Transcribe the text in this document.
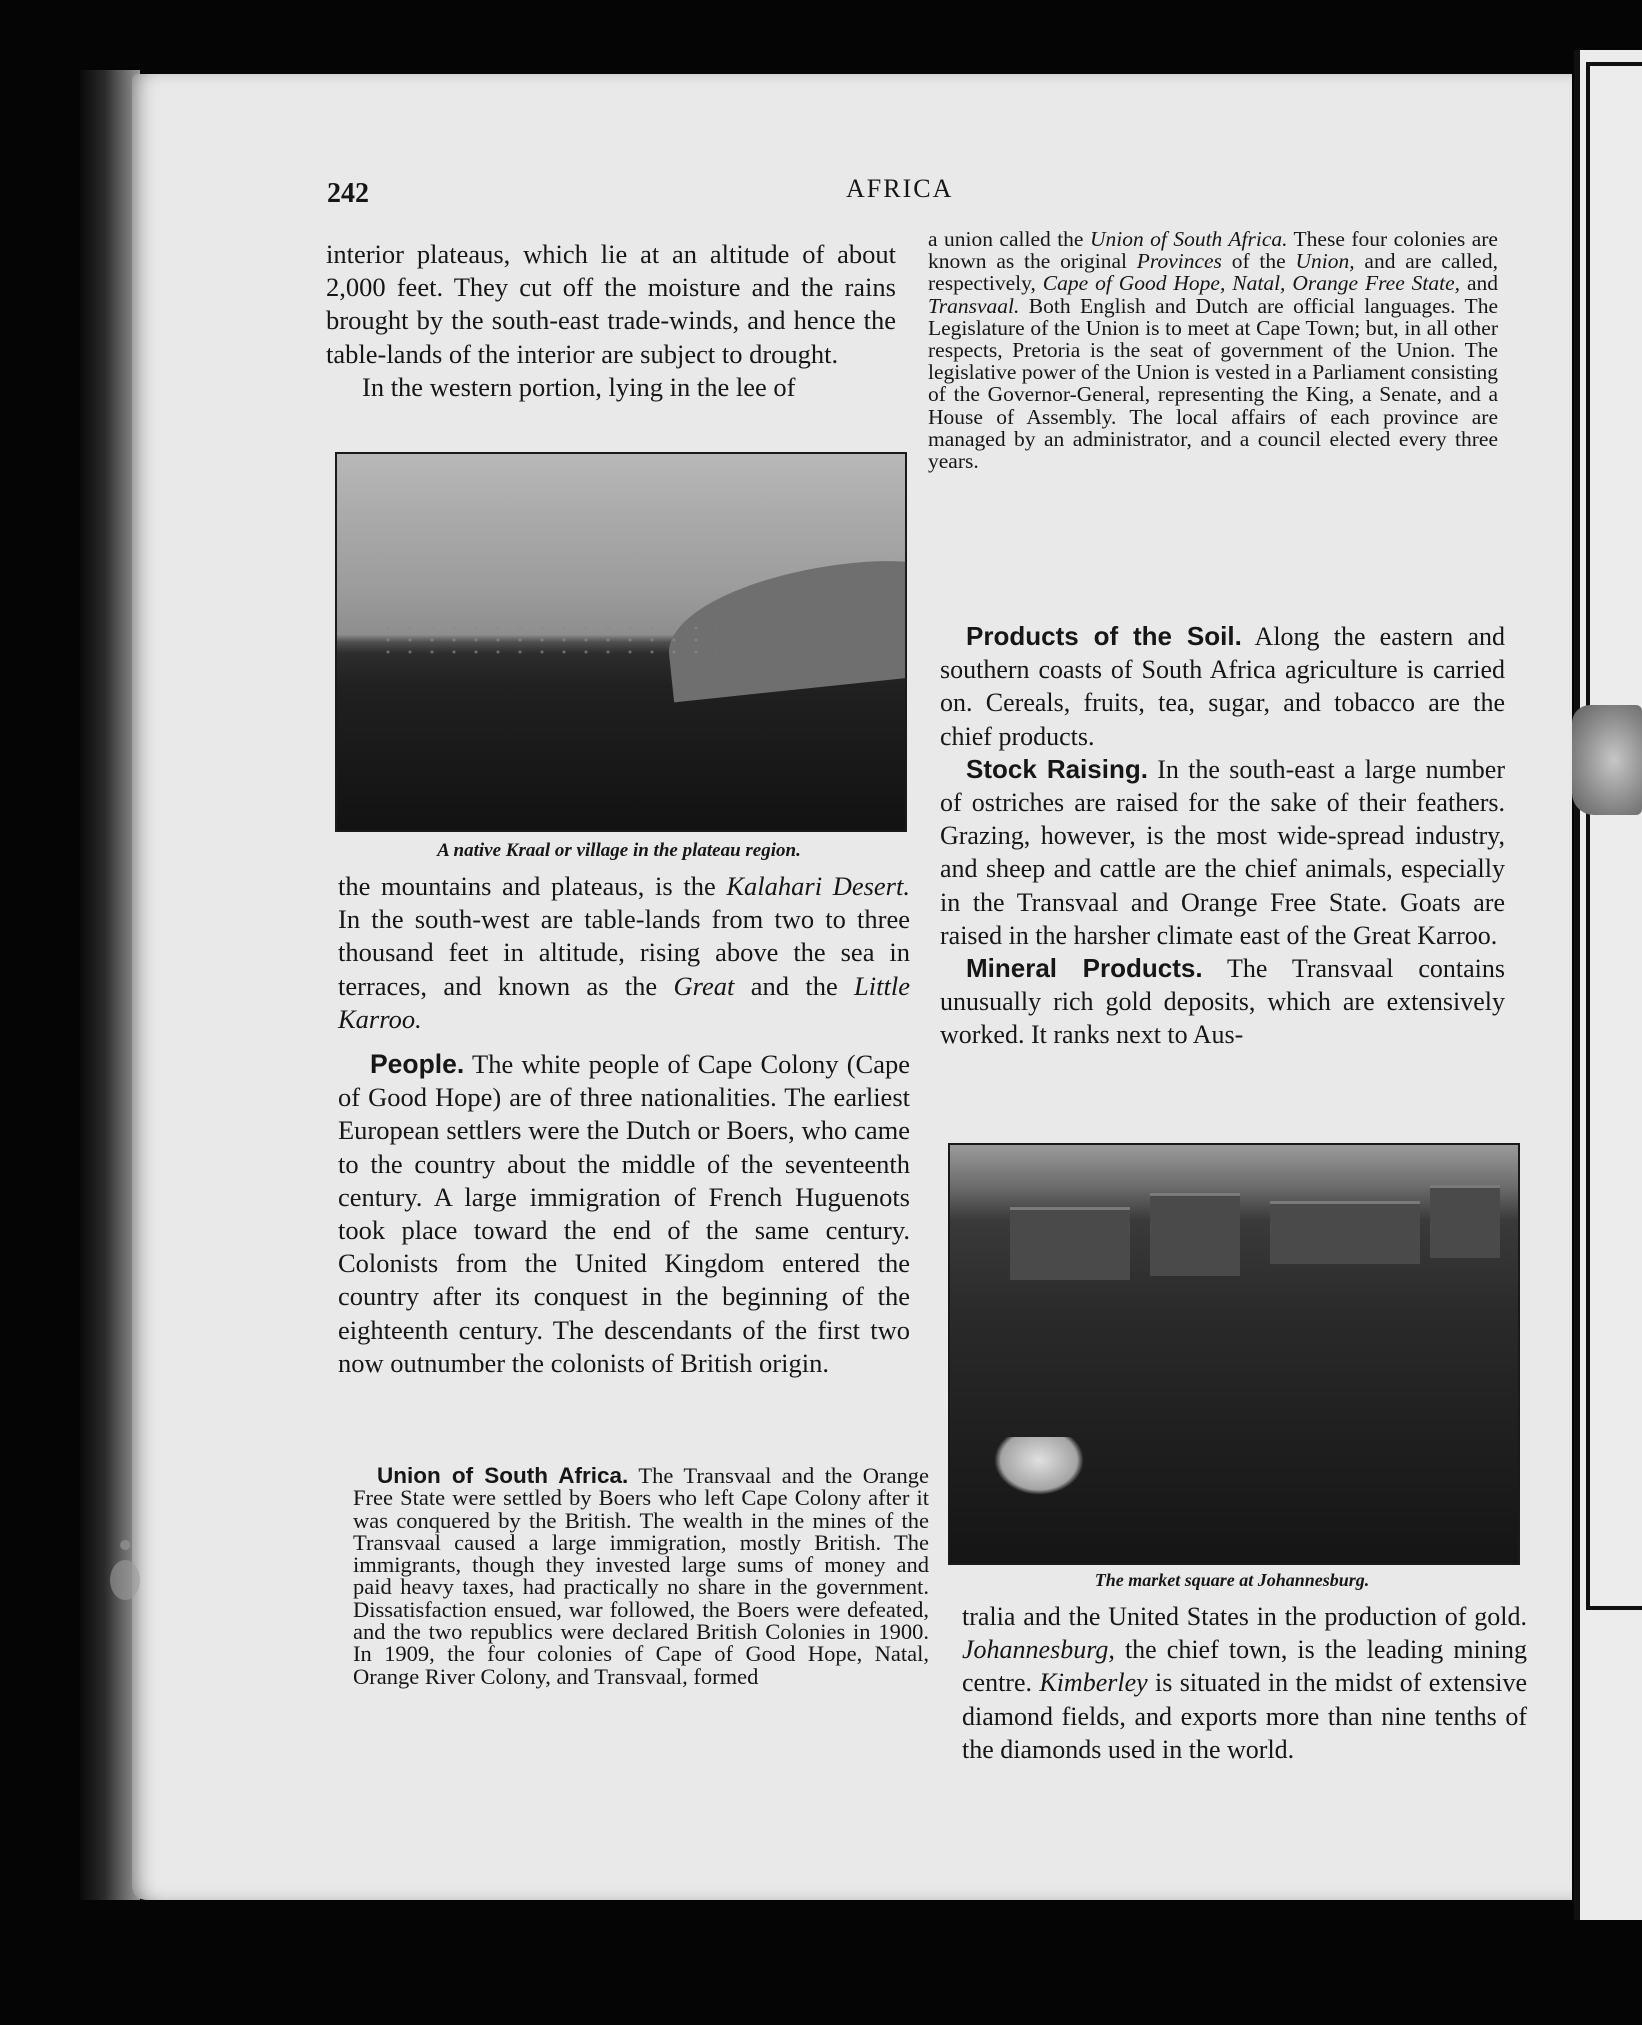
242	AFRICA

interior plateaus, which lie at an altitude of about 2,000 feet. They cut off the moisture and the rains brought by the south-east trade-winds, and hence the table-lands of the interior are subject to drought.

In the western portion, lying in the lee of

A native Kraal or village in the plateau region.

the mountains and plateaus, is the Kalahari Desert. In the south-west are table-lands from two to three thousand feet in altitude, rising above the sea in terraces, and known as the Great and the Little Karroo.

People. The white people of Cape Colony (Cape of Good Hope) are of three nationalities. The earliest European settlers were the Dutch or Boers, who came to the country about the middle of the seventeenth century. A large immigration of French Huguenots took place toward the end of the same century. Colonists from the United Kingdom entered the country after its conquest in the beginning of the eighteenth century. The descendants of the first two now outnumber the colonists of British origin.

Union of South Africa. The Transvaal and the Orange Free State were settled by Boers who left Cape Colony after it was conquered by the British. The wealth in the mines of the Transvaal caused a large immigration, mostly British. The immigrants, though they invested large sums of money and paid heavy taxes, had practically no share in the government. Dissatisfaction ensued, war followed, the Boers were defeated, and the two republics were declared British Colonies in 1900. In 1909, the four colonies of Cape of Good Hope, Natal, Orange River Colony, and Transvaal, formed

a union called the Union of South Africa. These four colonies are known as the original Provinces of the Union, and are called, respectively, Cape of Good Hope, Natal, Orange Free State, and Transvaal. Both English and Dutch are official languages. The Legislature of the Union is to meet at Cape Town; but, in all other respects, Pretoria is the seat of government of the Union. The legislative power of the Union is vested in a Parliament consisting of the Governor-General, representing the King, a Senate, and a House of Assembly. The local affairs of each province are managed by an administrator, and a council elected every three years.

Products of the Soil. Along the eastern and southern coasts of South Africa agriculture is carried on. Cereals, fruits, tea, sugar, and tobacco are the chief products.

Stock Raising. In the south-east a large number of ostriches are raised for the sake of their feathers. Grazing, however, is the most wide-spread industry, and sheep and cattle are the chief animals, especially in the Transvaal and Orange Free State. Goats are raised in the harsher climate east of the Great Karroo.

Mineral Products. The Transvaal contains unusually rich gold deposits, which are extensively worked. It ranks next to Aus-

The market square at Johannesburg.

tralia and the United States in the production of gold. Johannesburg, the chief town, is the leading mining centre. Kimberley is situated in the midst of extensive diamond fields, and exports more than nine tenths of the diamonds used in the world.
